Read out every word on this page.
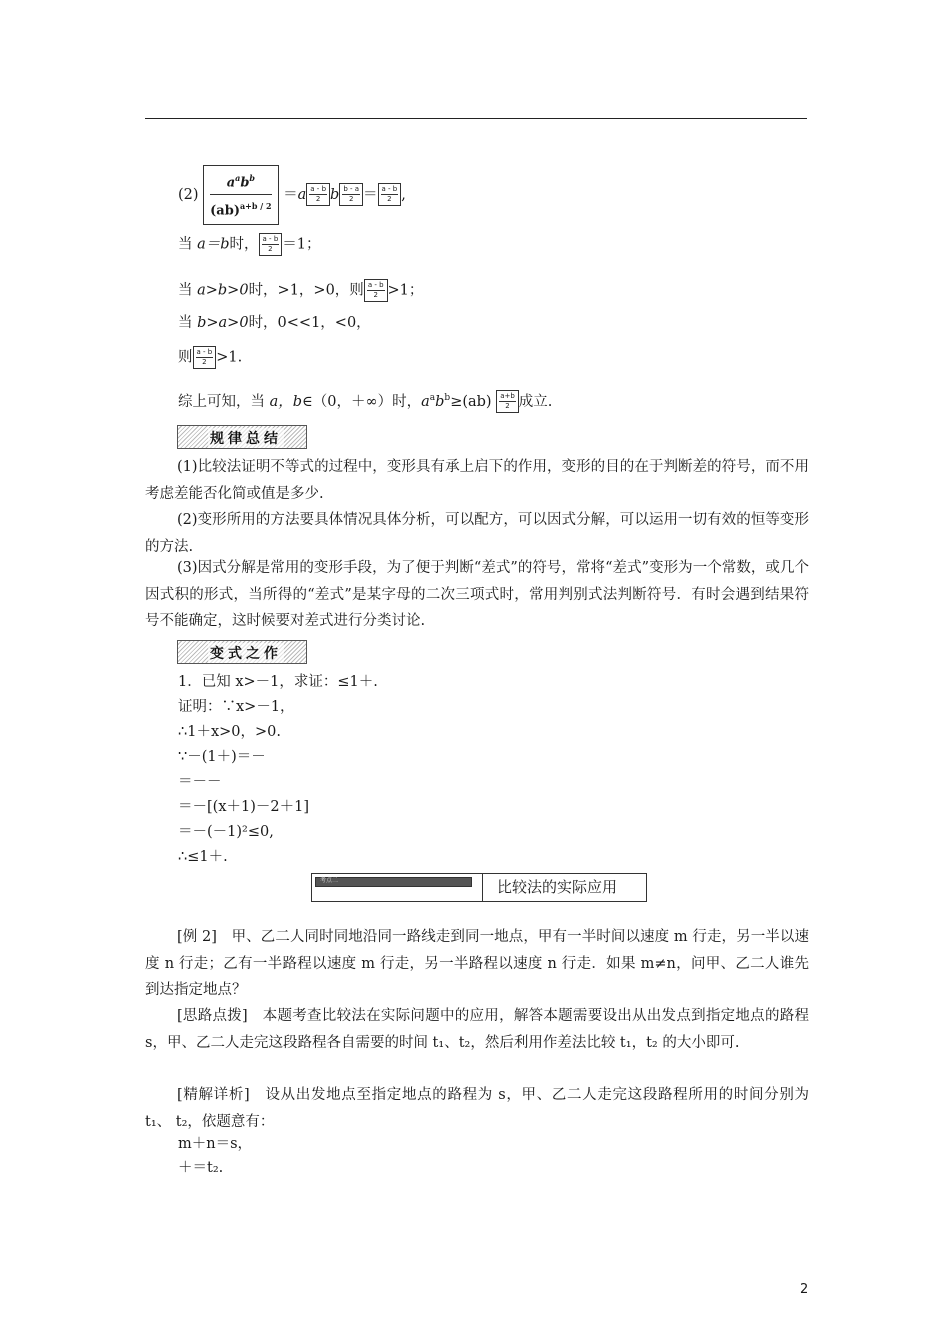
$(2) \frac{a^ab^b}{(ab)^{a+b / 2}} =a \frac{a - b}{2}$ b $\frac{b - a}{2} = \frac{a - b}{2}$ ,
当 a＝b时， $\frac{a - b}{2} =1$；
当 a>b>0时，>1，>0，则 $\frac{a - b}{2} >1$；
当 b>a>0时，0<<1，<0，
则 $\frac{a - b}{2} >1$.
综上可知，当 a，b∈（0，＋∞）时，$a^ab^b\ge(ab) \frac{a+b}{2}$ 成立.
规律总结
(1)比较法证明不等式的过程中，变形具有承上启下的作用，变形的目的在于判断差的符号，而不用考虑差能否化简或值是多少.
(2)变形所用的方法要具体情况具体分析，可以配方，可以因式分解，可以运用一切有效的恒等变形的方法.
(3)因式分解是常用的变形手段，为了便于判断“差式”的符号，常将“差式”变形为一个常数，或几个因式积的形式，当所得的“差式”是某字母的二次三项式时，常用判别式法判断符号．有时会遇到结果符号不能确定，这时候要对差式进行分类讨论.
变式之作
1．已知 x>－1，求证：≤1＋.
证明：∵x>－1，
∴1＋x>0，>0.
∵－(1＋)＝－
＝－－
＝－[(x＋1)－2＋1]
＝－(－1)²≤0,
∴≤1＋.
考点二	比较法的实际应用
[例 2]　甲、乙二人同时同地沿同一路线走到同一地点，甲有一半时间以速度 m 行走，另一半以速度 n 行走；乙有一半路程以速度 m 行走，另一半路程以速度 n 行走．如果 m≠n，问甲、乙二人谁先到达指定地点？
[思路点拨]　本题考查比较法在实际问题中的应用，解答本题需要设出从出发点到指定地点的路程 s，甲、乙二人走完这段路程各自需要的时间 t₁、t₂，然后利用作差法比较 t₁，t₂ 的大小即可.
[精解详析]　设从出发地点至指定地点的路程为 s，甲、乙二人走完这段路程所用的时间分别为 t₁、 t₂，依题意有：
m＋n＝s，
＋＝t₂.
2
